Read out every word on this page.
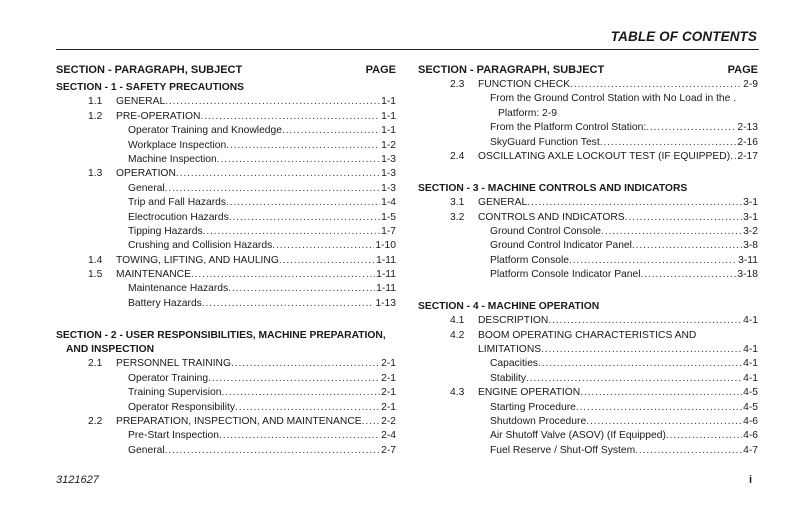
TABLE OF CONTENTS
SECTION - PARAGRAPH, SUBJECT	PAGE
SECTION - 1 - SAFETY PRECAUTIONS
1.1	GENERAL . . .	1-1
1.2	PRE-OPERATION . . .	1-1
Operator Training and Knowledge . . .	1-1
Workplace Inspection . . .	1-2
Machine Inspection . . .	1-3
1.3	OPERATION . . .	1-3
General . . .	1-3
Trip and Fall Hazards . . .	1-4
Electrocution Hazards . . .	1-5
Tipping Hazards . . .	1-7
Crushing and Collision Hazards . . .	1-10
1.4	TOWING, LIFTING, AND HAULING . . .	1-11
1.5	MAINTENANCE . . .	1-11
Maintenance Hazards . . .	1-11
Battery Hazards . . .	1-13
SECTION - 2 - USER RESPONSIBILITIES, MACHINE PREPARATION,
AND INSPECTION
2.1	PERSONNEL TRAINING . . .	2-1
Operator Training . . .	2-1
Training Supervision . . .	2-1
Operator Responsibility . . .	2-1
2.2	PREPARATION, INSPECTION, AND MAINTENANCE . . . 2-2
Pre-Start Inspection . . .	2-4
General . . .	2-7
SECTION - PARAGRAPH, SUBJECT	PAGE
2.3	FUNCTION CHECK . . .	2-9
From the Ground Control Station with No Load in the .
Platform: 2-9
From the Platform Control Station: . . .	2-13
SkyGuard Function Test . . .	2-16
2.4	OSCILLATING AXLE LOCKOUT TEST (IF EQUIPPED) . . . 2-17
SECTION - 3 - MACHINE CONTROLS AND INDICATORS
3.1	GENERAL . . .	3-1
3.2	CONTROLS AND INDICATORS . . .	3-1
Ground Control Console . . .	3-2
Ground Control Indicator Panel . . .	3-8
Platform Console . . .	3-11
Platform Console Indicator Panel . . .	3-18
SECTION - 4 - MACHINE OPERATION
4.1	DESCRIPTION . . .	4-1
4.2	BOOM OPERATING CHARACTERISTICS AND
LIMITATIONS . . .	4-1
Capacities . . .	4-1
Stability . . .	4-1
4.3	ENGINE OPERATION . . .	4-5
Starting Procedure . . .	4-5
Shutdown Procedure . . .	4-6
Air Shutoff Valve (ASOV) (If Equipped) . . .	4-6
Fuel Reserve / Shut-Off System . . .	4-7
3121627	i
